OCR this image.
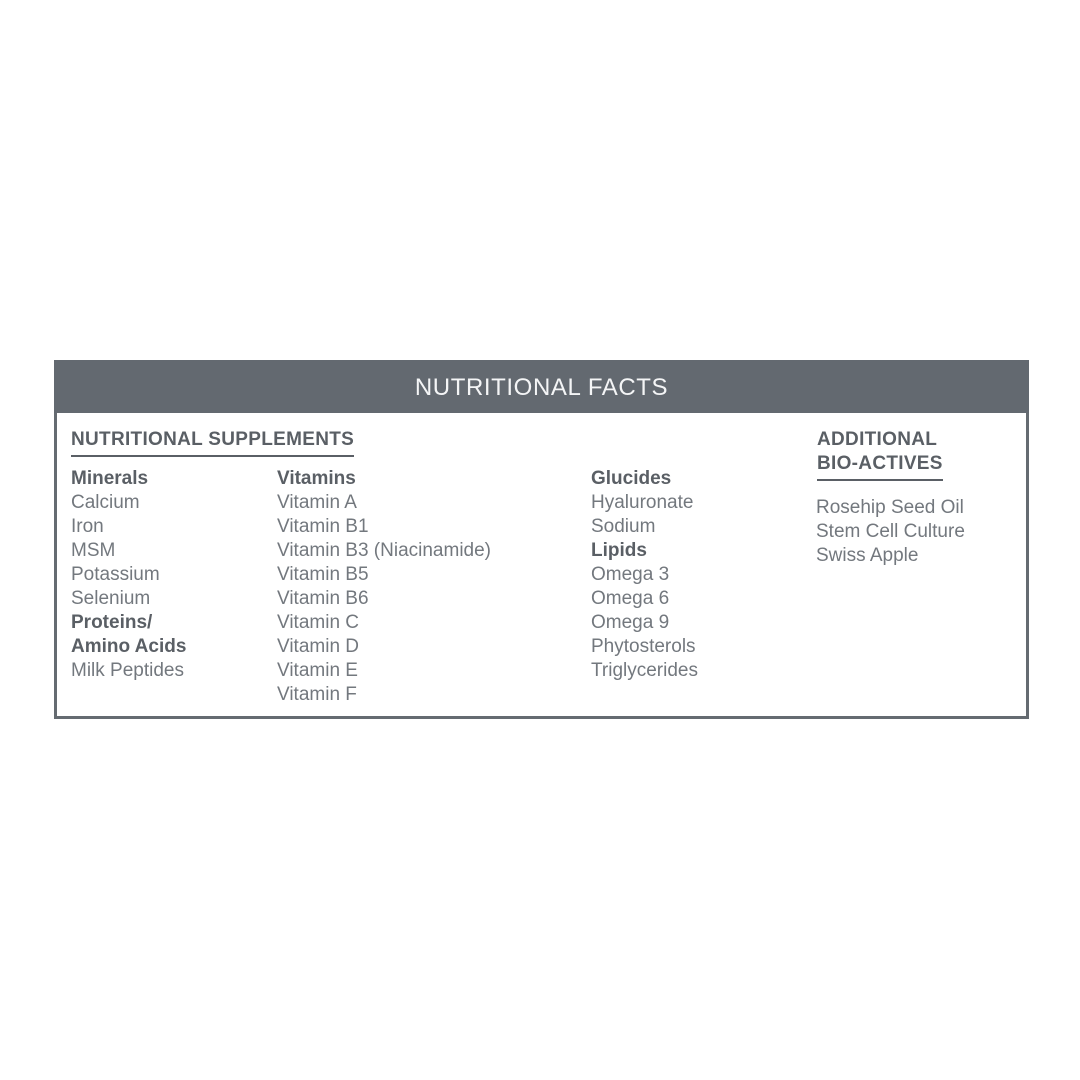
NUTRITIONAL FACTS
NUTRITIONAL SUPPLEMENTS
Minerals
Calcium
Iron
MSM
Potassium
Selenium
Proteins/
Amino Acids
Milk Peptides
Vitamins
Vitamin A
Vitamin B1
Vitamin B3 (Niacinamide)
Vitamin B5
Vitamin B6
Vitamin C
Vitamin D
Vitamin E
Vitamin F
Glucides
Hyaluronate
Sodium
Lipids
Omega 3
Omega 6
Omega 9
Phytosterols
Triglycerides
ADDITIONAL
BIO-ACTIVES
Rosehip Seed Oil
Stem Cell Culture
Swiss Apple
